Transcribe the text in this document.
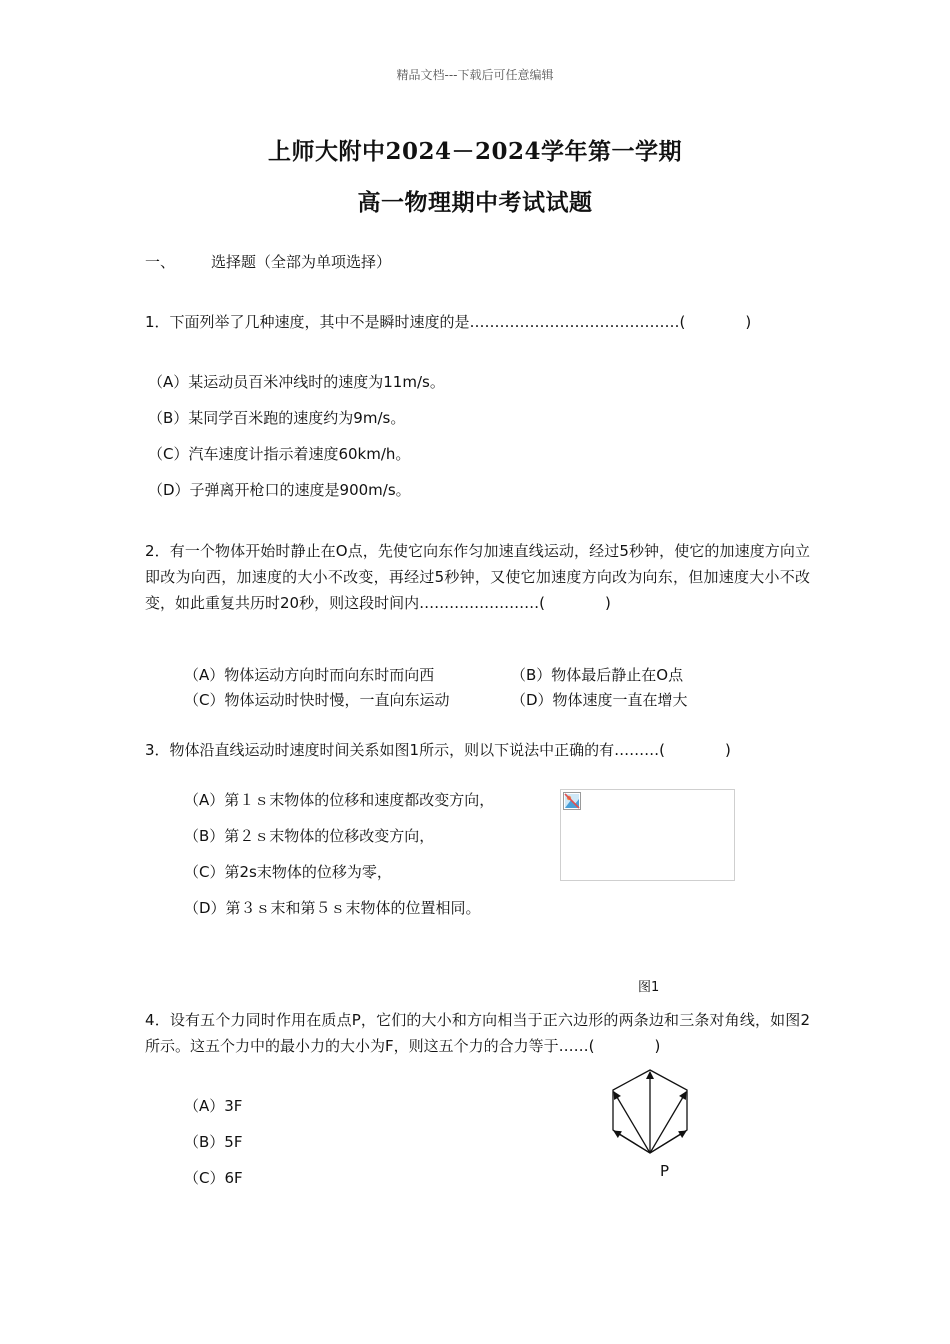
精品文档---下载后可任意编辑
上师大附中2024－2024学年第一学期
高一物理期中考试试题
一、 选择题（全部为单项选择）
1．下面列举了几种速度，其中不是瞬时速度的是……………………………………(　　　　)
（A）某运动员百米冲线时的速度为11m/s。
（B）某同学百米跑的速度约为9m/s。
（C）汽车速度计指示着速度60km/h。
（D）子弹离开枪口的速度是900m/s。
2．有一个物体开始时静止在O点，先使它向东作匀加速直线运动，经过5秒钟，使它的加速度方向立即改为向西，加速度的大小不改变，再经过5秒钟，又使它加速度方向改为向东，但加速度大小不改变，如此重复共历时20秒，则这段时间内……………………(　　　　)
（A）物体运动方向时而向东时而向西	（B）物体最后静止在O点
（C）物体运动时快时慢，一直向东运动	（D）物体速度一直在增大
3．物体沿直线运动时速度时间关系如图1所示，则以下说法中正确的有………(　　　　)
（A）第１ｓ末物体的位移和速度都改变方向，
（B）第２ｓ末物体的位移改变方向，
（C）第2s末物体的位移为零，
（D）第３ｓ末和第５ｓ末物体的位置相同。
图1
4．设有五个力同时作用在质点P，它们的大小和方向相当于正六边形的两条边和三条对角线，如图2所示。这五个力中的最小力的大小为F，则这五个力的合力等于……(　　　　)
（A）3F
（B）5F
（C）6F	P
